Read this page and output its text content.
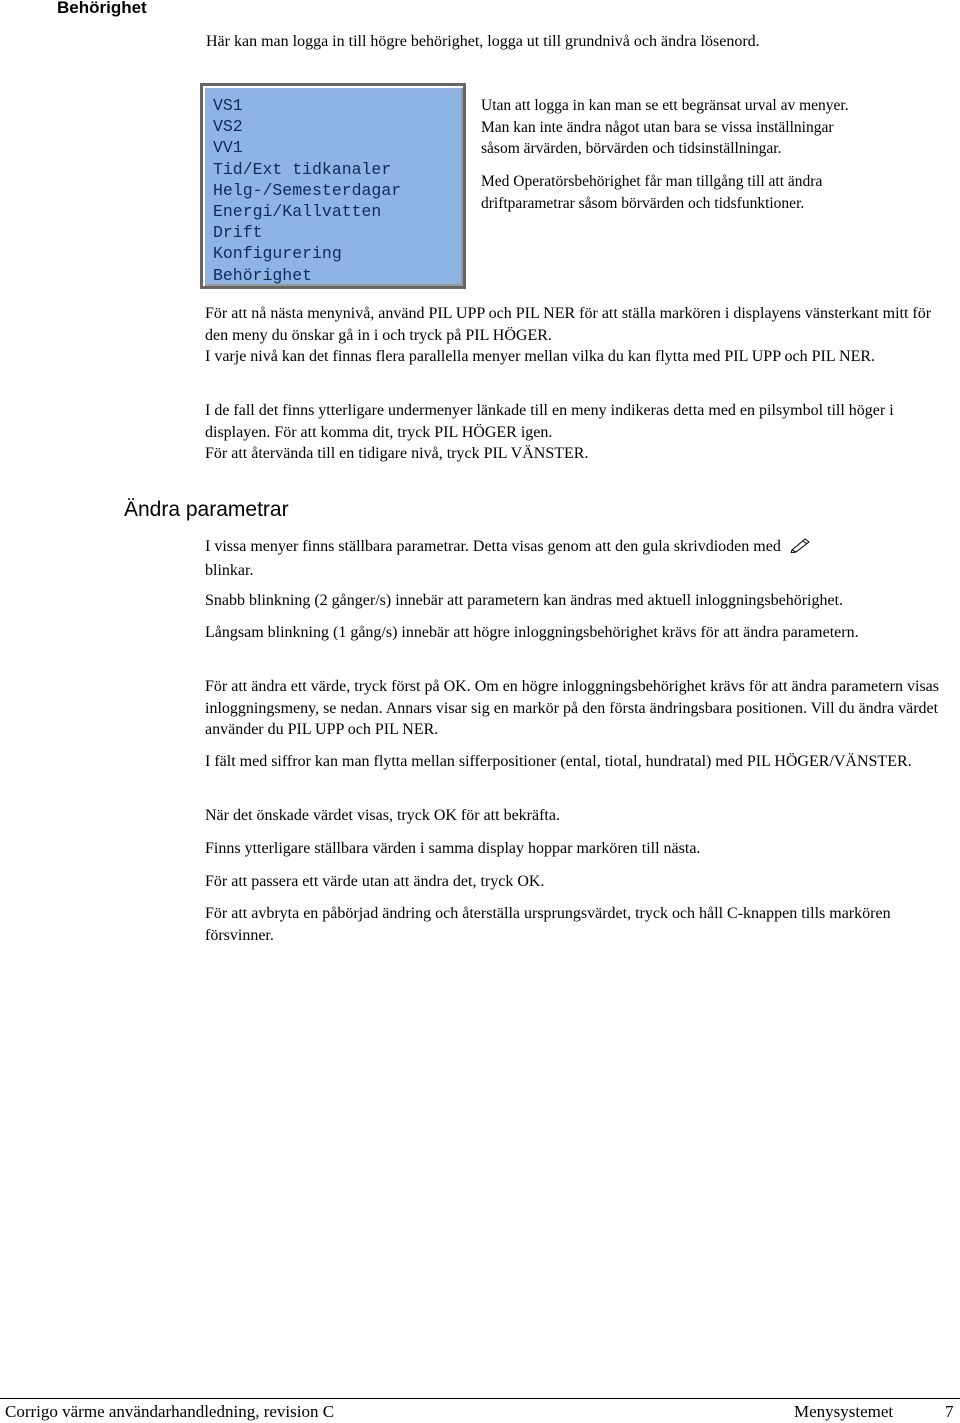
Behörighet

Här kan man logga in till högre behörighet, logga ut till grundnivå och ändra lösenord.

VS1
VS2
VV1
Tid/Ext tidkanaler
Helg-/Semesterdagar
Energi/Kallvatten
Drift
Konfigurering
Behörighet

Utan att logga in kan man se ett begränsat urval av menyer.
Man kan inte ändra något utan bara se vissa inställningar
såsom ärvärden, börvärden och tidsinställningar.

Med Operatörsbehörighet får man tillgång till att ändra
driftparametrar såsom börvärden och tidsfunktioner.

För att nå nästa menynivå, använd PIL UPP och PIL NER för att ställa markören i displayens vänsterkant mitt för den meny du önskar gå in i och tryck på PIL HÖGER.

I varje nivå kan det finnas flera parallella menyer mellan vilka du kan flytta med PIL UPP och PIL NER.

I de fall det finns ytterligare undermenyer länkade till en meny indikeras detta med en pilsymbol till höger i displayen. För att komma dit, tryck PIL HÖGER igen.

För att återvända till en tidigare nivå, tryck PIL VÄNSTER.

Ändra parametrar

I vissa menyer finns ställbara parametrar. Detta visas genom att den gula skrivdioden med
blinkar.

Snabb blinkning (2 gånger/s) innebär att parametern kan ändras med aktuell inloggningsbehörighet.

Långsam blinkning (1 gång/s) innebär att högre inloggningsbehörighet krävs för att ändra parametern.

För att ändra ett värde, tryck först på OK. Om en högre inloggningsbehörighet krävs för att ändra parametern visas inloggningsmeny, se nedan. Annars visar sig en markör på den första ändringsbara positionen. Vill du ändra värdet använder du PIL UPP och PIL NER.

I fält med siffror kan man flytta mellan sifferpositioner (ental, tiotal, hundratal) med PIL HÖGER/VÄNSTER.

När det önskade värdet visas, tryck OK för att bekräfta.

Finns ytterligare ställbara värden i samma display hoppar markören till nästa.

För att passera ett värde utan att ändra det, tryck OK.

För att avbryta en påbörjad ändring och återställa ursprungsvärdet, tryck och håll C-knappen tills markören försvinner.

Corrigo värme användarhandledning, revision C	Menysystemet	7
